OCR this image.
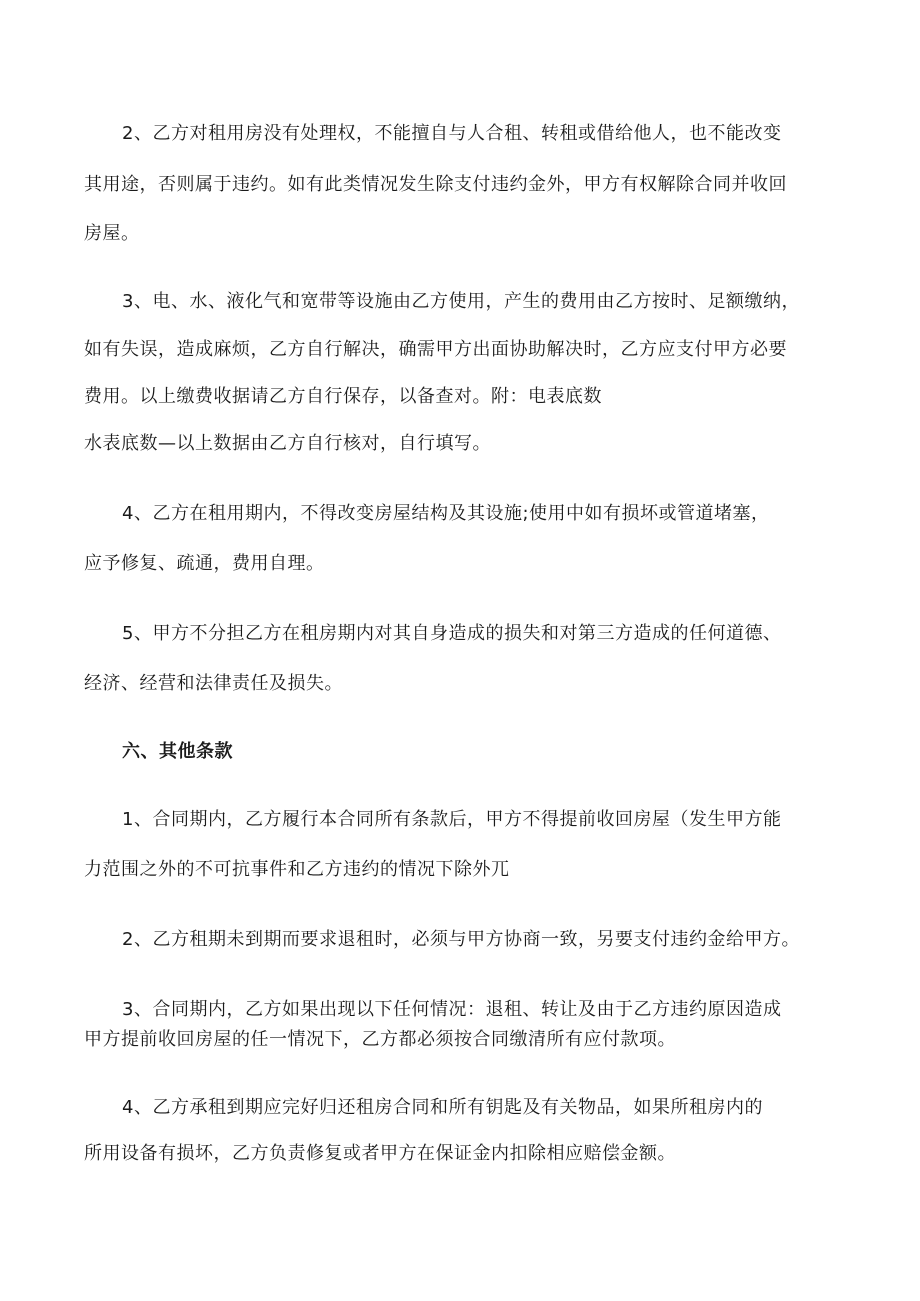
2、乙方对租用房没有处理权，不能擅自与人合租、转租或借给他人，也不能改变
其用途，否则属于违约。如有此类情况发生除支付违约金外，甲方有权解除合同并收回
房屋。
3、电、水、液化气和宽带等设施由乙方使用，产生的费用由乙方按时、足额缴纳，
如有失误，造成麻烦，乙方自行解决，确需甲方出面协助解决时，乙方应支付甲方必要
费用。以上缴费收据请乙方自行保存，以备查对。附：电表底数
水表底数—以上数据由乙方自行核对，自行填写。
4、乙方在租用期内，不得改变房屋结构及其设施;使用中如有损坏或管道堵塞，
应予修复、疏通，费用自理。
5、甲方不分担乙方在租房期内对其自身造成的损失和对第三方造成的任何道德、
经济、经营和法律责任及损失。
六、其他条款
1、合同期内，乙方履行本合同所有条款后，甲方不得提前收回房屋（发生甲方能
力范围之外的不可抗事件和乙方违约的情况下除外兀
2、乙方租期未到期而要求退租时，必须与甲方协商一致，另要支付违约金给甲方。
3、合同期内，乙方如果出现以下任何情况：退租、转让及由于乙方违约原因造成
甲方提前收回房屋的任一情况下，乙方都必须按合同缴清所有应付款项。
4、乙方承租到期应完好归还租房合同和所有钥匙及有关物品，如果所租房内的
所用设备有损坏，乙方负责修复或者甲方在保证金内扣除相应赔偿金额。
